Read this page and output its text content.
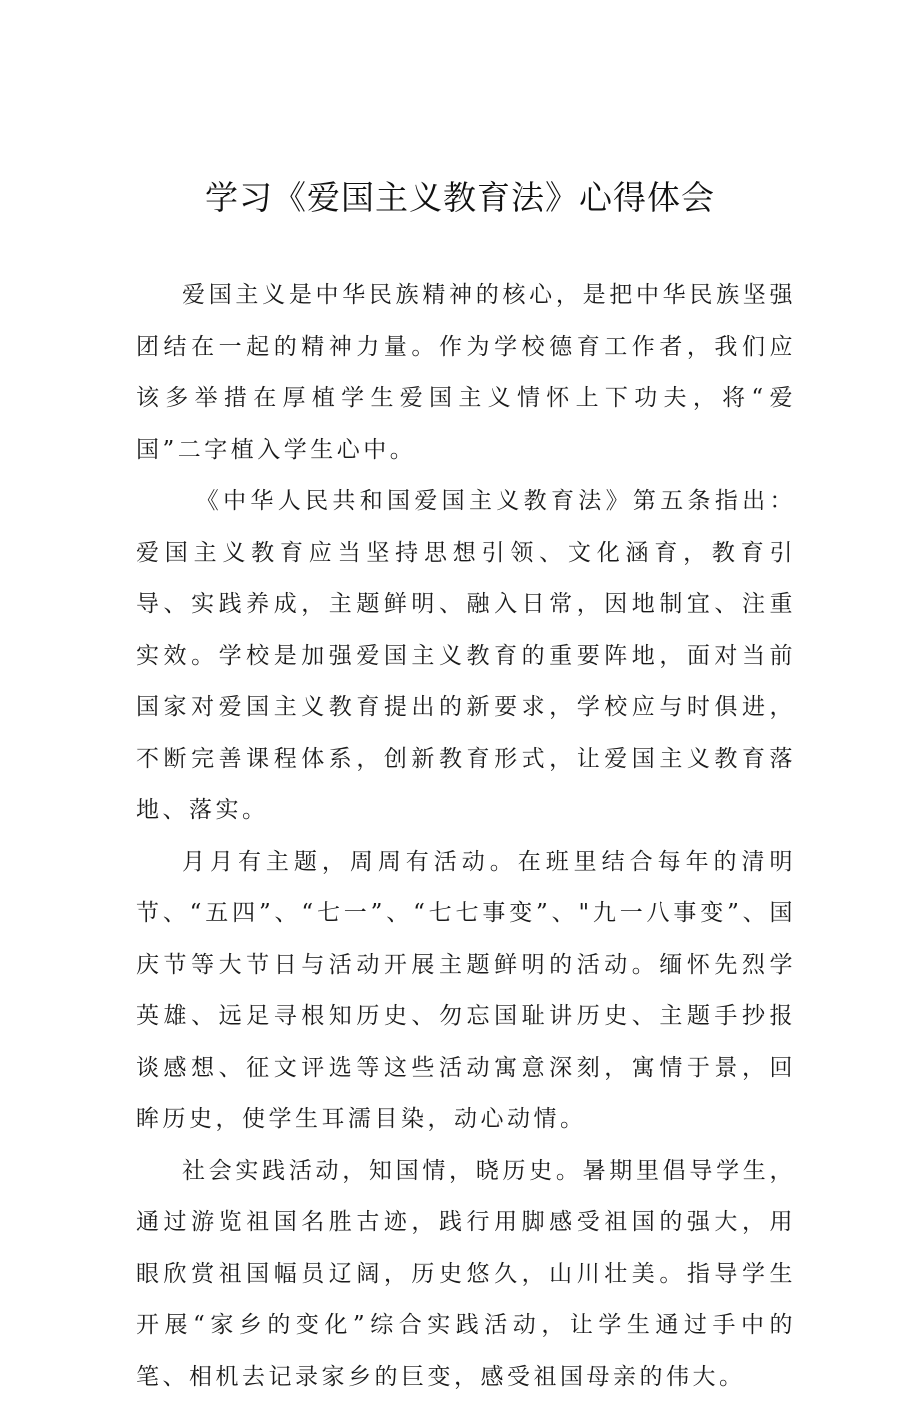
学习《爱国主义教育法》心得体会

爱国主义是中华民族精神的核心，是把中华民族坚强团结在一起的精神力量。作为学校德育工作者，我们应该多举措在厚植学生爱国主义情怀上下功夫，将“爱国”二字植入学生心中。

《中华人民共和国爱国主义教育法》第五条指出：爱国主义教育应当坚持思想引领、文化涵育，教育引导、实践养成，主题鲜明、融入日常，因地制宜、注重实效。学校是加强爱国主义教育的重要阵地，面对当前国家对爱国主义教育提出的新要求，学校应与时俱进，不断完善课程体系，创新教育形式，让爱国主义教育落地、落实。

月月有主题，周周有活动。在班里结合每年的清明节、“五四”、“七一”、“七七事变”、"九一八事变”、国庆节等大节日与活动开展主题鲜明的活动。缅怀先烈学英雄、远足寻根知历史、勿忘国耻讲历史、主题手抄报谈感想、征文评选等这些活动寓意深刻，寓情于景，回眸历史，使学生耳濡目染，动心动情。

社会实践活动，知国情，晓历史。暑期里倡导学生，通过游览祖国名胜古迹，践行用脚感受祖国的强大，用眼欣赏祖国幅员辽阔，历史悠久，山川壮美。指导学生开展“家乡的变化”综合实践活动，让学生通过手中的笔、相机去记录家乡的巨变，感受祖国母亲的伟大。
